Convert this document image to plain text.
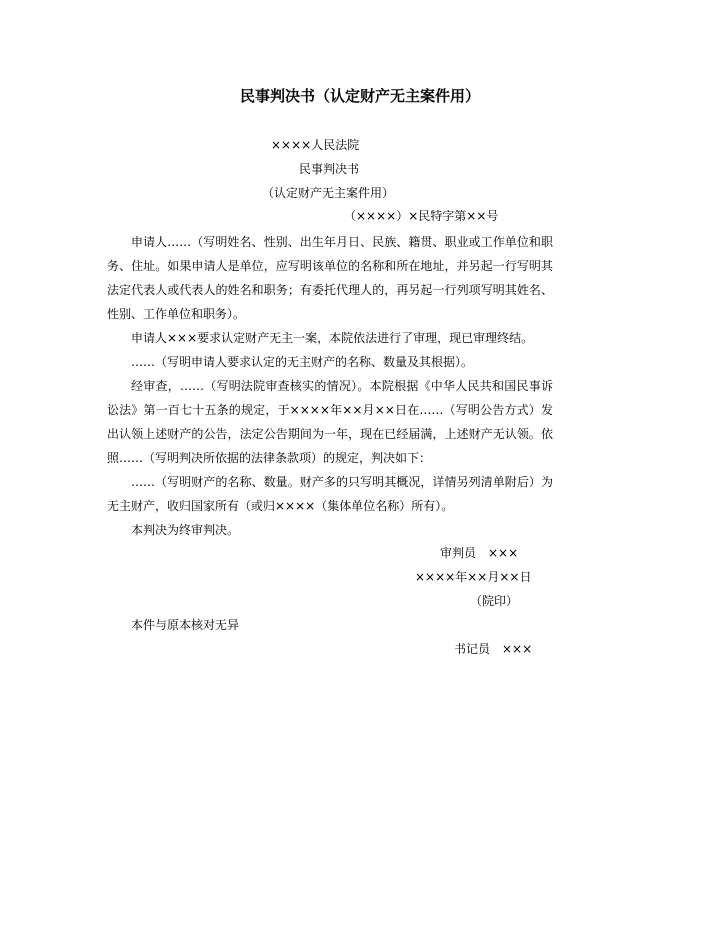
民事判决书（认定财产无主案件用）
××××人民法院
民事判决书
（认定财产无主案件用）
（××××）×民特字第××号
申请人……（写明姓名、性别、出生年月日、民族、籍贯、职业或工作单位和职务、住址。如果申请人是单位，应写明该单位的名称和所在地址，并另起一行写明其法定代表人或代表人的姓名和职务；有委托代理人的，再另起一行列项写明其姓名、性别、工作单位和职务）。
申请人×××要求认定财产无主一案，本院依法进行了审理，现已审理终结。
……（写明申请人要求认定的无主财产的名称、数量及其根据）。
经审查，……（写明法院审查核实的情况）。本院根据《中华人民共和国民事诉讼法》第一百七十五条的规定，于××××年××月××日在……（写明公告方式）发出认领上述财产的公告，法定公告期间为一年，现在已经届满，上述财产无认领。依照……（写明判决所依据的法律条款项）的规定，判决如下：
……（写明财产的名称、数量。财产多的只写明其概况，详情另列清单附后）为无主财产，收归国家所有（或归××××（集体单位名称）所有）。
本判决为终审判决。
审判员　×××
××××年××月××日
（院印）
本件与原本核对无异
书记员　×××
